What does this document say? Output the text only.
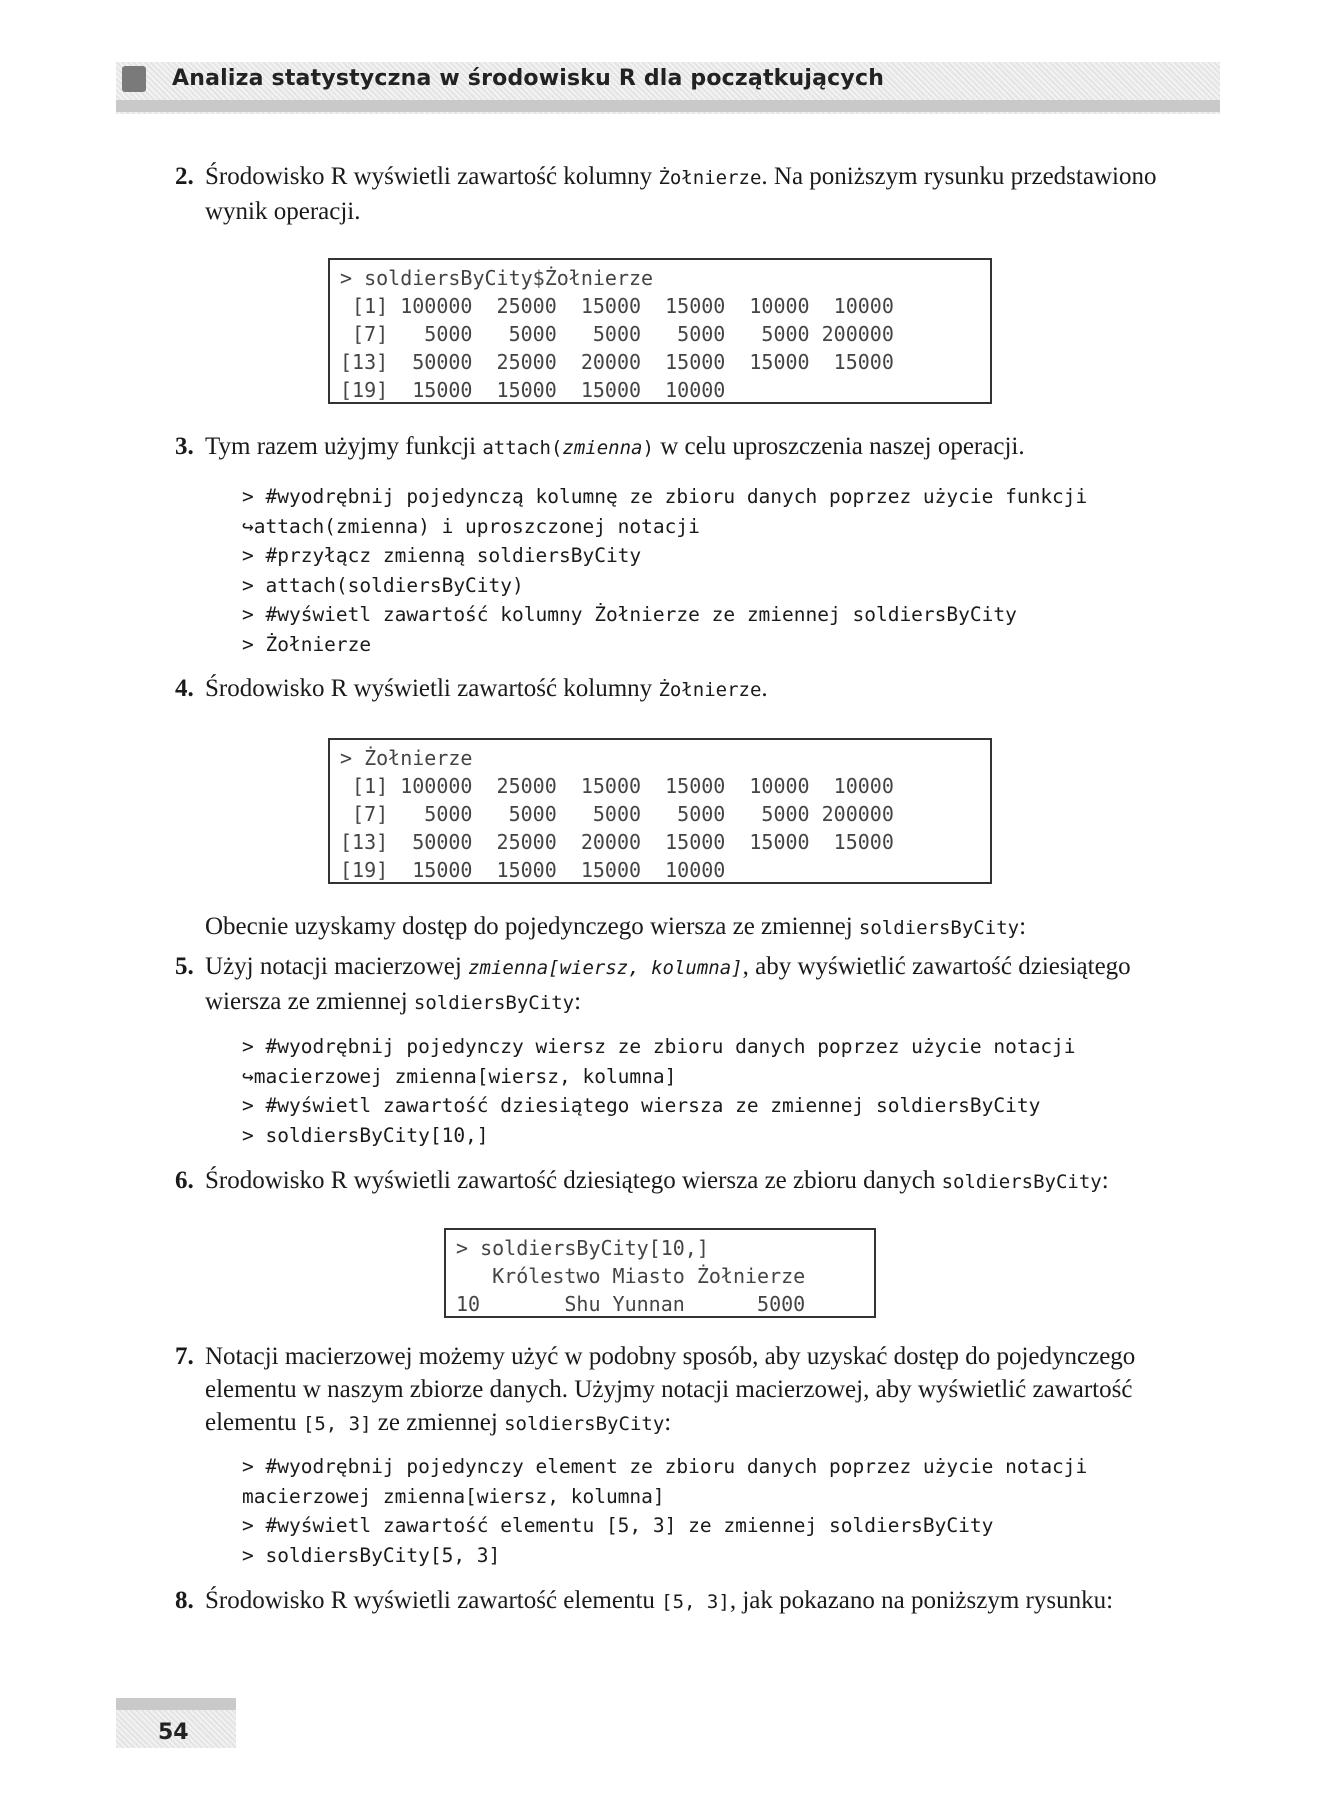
Analiza statystyczna w środowisku R dla początkujących
2. Środowisko R wyświetli zawartość kolumny Żołnierze. Na poniższym rysunku przedstawiono wynik operacji.
> soldiersByCity$Żołnierze
[1] 100000  25000  15000  15000  10000  10000
[7]   5000   5000   5000   5000   5000 200000
[13]  50000  25000  20000  15000  15000  15000
[19]  15000  15000  15000  10000
3. Tym razem użyjmy funkcji attach(zmienna) w celu uproszczenia naszej operacji.
> #wyodrębnij pojedynczą kolumnę ze zbioru danych poprzez użycie funkcji
↪attach(zmienna) i uproszczonej notacji
> #przyłącz zmienną soldiersByCity
> attach(soldiersByCity)
> #wyświetl zawartość kolumny Żołnierze ze zmiennej soldiersByCity
> Żołnierze
4. Środowisko R wyświetli zawartość kolumny Żołnierze.
> Żołnierze
[1] 100000  25000  15000  15000  10000  10000
[7]   5000   5000   5000   5000   5000 200000
[13]  50000  25000  20000  15000  15000  15000
[19]  15000  15000  15000  10000
Obecnie uzyskamy dostęp do pojedynczego wiersza ze zmiennej soldiersByCity:
5. Użyj notacji macierzowej zmienna[wiersz, kolumna], aby wyświetlić zawartość dziesiątego wiersza ze zmiennej soldiersByCity:
> #wyodrębnij pojedynczy wiersz ze zbioru danych poprzez użycie notacji
↪macierzowej zmienna[wiersz, kolumna]
> #wyświetl zawartość dziesiątego wiersza ze zmiennej soldiersByCity
> soldiersByCity[10,]
6. Środowisko R wyświetli zawartość dziesiątego wiersza ze zbioru danych soldiersByCity:
> soldiersByCity[10,]
Królestwo Miasto Żołnierze
10       Shu Yunnan      5000
7. Notacji macierzowej możemy użyć w podobny sposób, aby uzyskać dostęp do pojedynczego elementu w naszym zbiorze danych. Użyjmy notacji macierzowej, aby wyświetlić zawartość elementu [5, 3] ze zmiennej soldiersByCity:
> #wyodrębnij pojedynczy element ze zbioru danych poprzez użycie notacji
macierzowej zmienna[wiersz, kolumna]
> #wyświetl zawartość elementu [5, 3] ze zmiennej soldiersByCity
> soldiersByCity[5, 3]
8. Środowisko R wyświetli zawartość elementu [5, 3], jak pokazano na poniższym rysunku:
54
